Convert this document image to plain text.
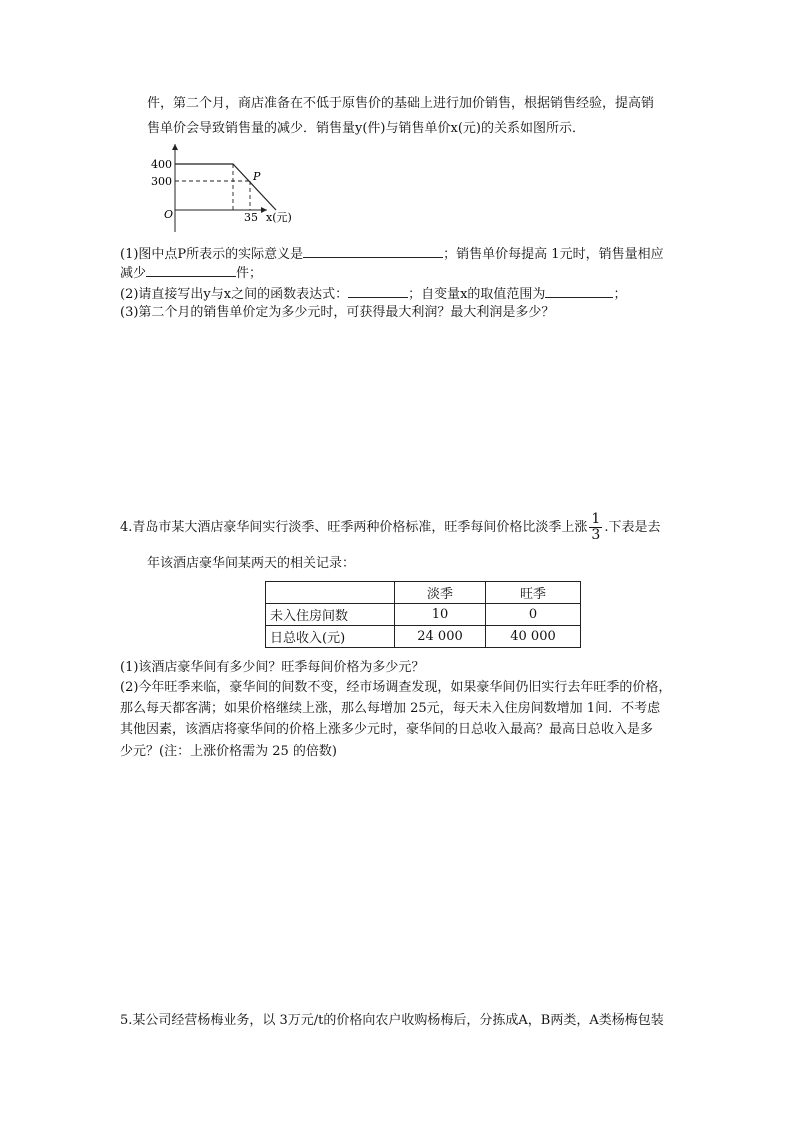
件，第二个月，商店准备在不低于原售价的基础上进行加价销售，根据销售经验，提高销
售单价会导致销售量的减少．销售量y(件)与销售单价x(元)的关系如图所示．
400
300
O	35
P
x(元)
(1)图中点P所表示的实际意义是	；销售单价每提高 1元时，销售量相应
减少	件；
(2)请直接写出y与x之间的函数表达式：	；自变量x的取值范围为	；
(3)第二个月的销售单价定为多少元时，可获得最大利润？最大利润是多少？
4.青岛市某大酒店豪华间实行淡季、旺季两种价格标准，旺季每间价格比淡季上涨 $\frac{1}{3}$ .下表是去
年该酒店豪华间某两天的相关记录：
	淡季	旺季
未入住房间数	10	0
日总收入(元)	24 000	40 000
(1)该酒店豪华间有多少间？旺季每间价格为多少元？
(2)今年旺季来临，豪华间的间数不变，经市场调查发现，如果豪华间仍旧实行去年旺季的价格，
那么每天都客满；如果价格继续上涨，那么每增加 25元，每天未入住房间数增加 1间．不考虑
其他因素，该酒店将豪华间的价格上涨多少元时，豪华间的日总收入最高？最高日总收入是多
少元？(注：上涨价格需为 25 的倍数)
5.某公司经营杨梅业务，以 3万元/t的价格向农户收购杨梅后，分拣成A，B两类，A类杨梅包装
